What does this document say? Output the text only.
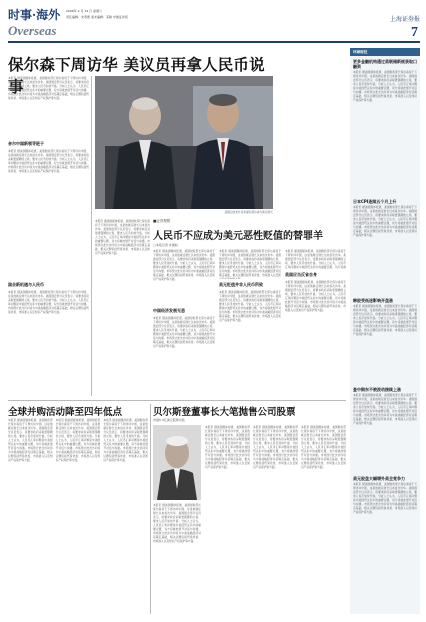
时事·海外
Overseas
2006年 2 月 19 日 星期六
责任编辑：朱寿德 美术编辑：邓敏 中国证券报	上海证券报
7
保尔森下周访华 美议员再拿人民币说事
本报讯 据美国媒体报道，美国财政部长保尔森将于下周访问中国，这是他就任财长以来首次访华。美国国会部分议员表示，将要求政府采取更强硬的立场，要求人民币加快升值。分析人士认为，人民币汇率问题是中美经贸关系中的重要议题，双方将就此展开对话与沟通。市场预计此次访问将为中美战略经济对话奠定基础，相关议题包括贸易逆差、市场准入以及知识产权保护等方面。
舍尔中国新领导班子
本报讯 据美国媒体报道，美国财政部长保尔森将于下周访问中国，这是他就任财长以来首次访华。美国国会部分议员表示，将要求政府采取更强硬的立场，要求人民币加快升值。分析人士认为，人民币汇率问题是中美经贸关系中的重要议题，双方将就此展开对话与沟通。市场预计此次访问将为中美战略经济对话奠定基础，相关议题包括贸易逆差、市场准入以及知识产权保护等方面。
国会新机遇与人民币
本报讯 据美国媒体报道，美国财政部长保尔森将于下周访问中国，这是他就任财长以来首次访华。美国国会部分议员表示，将要求政府采取更强硬的立场，要求人民币加快升值。分析人士认为，人民币汇率问题是中美经贸关系中的重要议题，双方将就此展开对话与沟通。市场预计此次访问将为中美战略经济对话奠定基础，相关议题包括贸易逆差、市场准入以及知识产权保护等方面。
美国总统布什宣布提名保尔森为新任财长
本报讯 据美国媒体报道，美国财政部长保尔森将于下周访问中国，这是他就任财长以来首次访华。美国国会部分议员表示，将要求政府采取更强硬的立场，要求人民币加快升值。分析人士认为，人民币汇率问题是中美经贸关系中的重要议题，双方将就此展开对话与沟通。市场预计此次访问将为中美战略经济对话奠定基础，相关议题包括贸易逆差、市场准入以及知识产权保护等方面。
■证券观察
人民币不应成为美元恶性贬值的替罪羊
□本报记者 朱国权
本报讯 据美国媒体报道，美国财政部长保尔森将于下周访问中国，这是他就任财长以来首次访华。美国国会部分议员表示，将要求政府采取更强硬的立场，要求人民币加快升值。分析人士认为，人民币汇率问题是中美经贸关系中的重要议题，双方将就此展开对话与沟通。市场预计此次访问将为中美战略经济对话奠定基础，相关议题包括贸易逆差、市场准入以及知识产权保护等方面。
中国经济发展无恙
本报讯 据美国媒体报道，美国财政部长保尔森将于下周访问中国，这是他就任财长以来首次访华。美国国会部分议员表示，将要求政府采取更强硬的立场，要求人民币加快升值。分析人士认为，人民币汇率问题是中美经贸关系中的重要议题，双方将就此展开对话与沟通。市场预计此次访问将为中美战略经济对话奠定基础，相关议题包括贸易逆差、市场准入以及知识产权保护等方面。
本报讯 据美国媒体报道，美国财政部长保尔森将于下周访问中国，这是他就任财长以来首次访华。美国国会部分议员表示，将要求政府采取更强硬的立场，要求人民币加快升值。分析人士认为，人民币汇率问题是中美经贸关系中的重要议题，双方将就此展开对话与沟通。市场预计此次访问将为中美战略经济对话奠定基础，相关议题包括贸易逆差、市场准入以及知
美元贬值并非人民币所致
本报讯 据美国媒体报道，美国财政部长保尔森将于下周访问中国，这是他就任财长以来首次访华。美国国会部分议员表示，将要求政府采取更强硬的立场，要求人民币加快升值。分析人士认为，人民币汇率问题是中美经贸关系中的重要议题，双方将就此展开对话与沟通。市场预计此次访问将为中美战略经济对话奠定基础，相关议题包括贸易逆差、市场准入以及知识产权保护等方面。
本报讯 据美国媒体报道，美国财政部长保尔森将于下周访问中国，这是他就任财长以来首次访华。美国国会部分议员表示，将要求政府采取更强硬的立场，要求人民币加快升值。分析人士认为，人民币汇率问题是中美经贸关系中的重要议题，双方将就
美国应当反省自身
本报讯 据美国媒体报道，美国财政部长保尔森将于下周访问中国，这是他就任财长以来首次访华。美国国会部分议员表示，将要求政府采取更强硬的立场，要求人民币加快升值。分析人士认为，人民币汇率问题是中美经贸关系中的重要议题，双方将就此展开对话与沟通。市场预计此次访问将为中美战略经济对话奠定基础，相关议题包括贸易逆差、市场准入以及知识产权保护等方面。
环球财经
更多金融机构通过美联储新规获取口融资
本报讯 据美国媒体报道，美国财政部长保尔森将于下周访问中国，这是他就任财长以来首次访华。美国国会部分议员表示，将要求政府采取更强硬的立场，要求人民币加快升值。分析人士认为，人民币汇率问题是中美经贸关系中的重要议题，双方将就此展开对话与沟通。市场预计此次访问将为中美战略经济对话奠定基础，相关议题包括贸易逆差、市场准入以及知识产权保护等方面。
日本CPI连续五个月上升
本报讯 据美国媒体报道，美国财政部长保尔森将于下周访问中国，这是他就任财长以来首次访华。美国国会部分议员表示，将要求政府采取更强硬的立场，要求人民币加快升值。分析人士认为，人民币汇率问题是中美经贸关系中的重要议题，双方将就此展开对话与沟通。市场预计此次访问将为中美战略经济对话奠定基础，相关议题包括贸易逆差、市场准入以及知识产权保护等方面。
韩股受低迷影响开盘涨
本报讯 据美国媒体报道，美国财政部长保尔森将于下周访问中国，这是他就任财长以来首次访华。美国国会部分议员表示，将要求政府采取更强硬的立场，要求人民币加快升值。分析人士认为，人民币汇率问题是中美经贸关系中的重要议题，双方将就此展开对话与沟通。市场预计此次访问将为中美战略经济对话奠定基础，相关议题包括贸易逆差、市场准入以及知识产权保护等方面。
查中期东不被波动接续上涨
本报讯 据美国媒体报道，美国财政部长保尔森将于下周访问中国，这是他就任财长以来首次访华。美国国会部分议员表示，将要求政府采取更强硬的立场，要求人民币加快升值。分析人士认为，人民币汇率问题是中美经贸关系中的重要议题，双方将就此展开对话与沟通。市场预计此次访问将为中美战略经济对话奠定基础，相关议题包括贸易逆差、市场准入以及知识产权保护等方面。
美元股盘大幅增外美全竞争力
本报讯 据美国媒体报道，美国财政部长保尔森将于下周访问中国，这是他就任财长以来首次访华。美国国会部分议员表示，将要求政府采取更强硬的立场，要求人民币加快升值。分析人士认为，人民币汇率问题是中美经贸关系中的重要议题，双方将就此展开对话与沟通。市场预计此次访问将为中美战略经济对话奠定基础，相关议题包括贸易逆差、市场准入以及知识产权保护等方面。
全球并购活动降至四年低点
本报讯 据美国媒体报道，美国财政部长保尔森将于下周访问中国，这是他就任财长以来首次访华。美国国会部分议员表示，将要求政府采取更强硬的立场，要求人民币加快升值。分析人士认为，人民币汇率问题是中美经贸关系中的重要议题，双方将就此展开对话与沟通。市场预计此次访问将为中美战略经济对话奠定基础，相关议题包括贸易逆差、市场准入以及知识产权保护等方面。
本报讯 据美国媒体报道，美国财政部长保尔森将于下周访问中国，这是他就任财长以来首次访华。美国国会部分议员表示，将要求政府采取更强硬的立场，要求人民币加快升值。分析人士认为，人民币汇率问题是中美经贸关系中的重要议题，双方将就此展开对话与沟通。市场预计此次访问将为中美战略经济对话奠定基础，相关议题包括贸易逆差、市场准入以及知识产权保护等方面。
本报讯 据美国媒体报道，美国财政部长保尔森将于下周访问中国，这是他就任财长以来首次访华。美国国会部分议员表示，将要求政府采取更强硬的立场，要求人民币加快升值。分析人士认为，人民币汇率问题是中美经贸关系中的重要议题，双方将就此展开对话与沟通。市场预计此次访问将为中美战略经济对话奠定基础，相关议题包括贸易逆差、市场准入以及知识产权保护等方面。
贝尔斯登董事长大笔抛售公司股票
市值5.3亿美元股票出售
本报讯 据美国媒体报道，美国财政部长保尔森将于下周访问中国，这是他就任财长以来首次访华。美国国会部分议员表示，将要求政府采取更强硬的立场，要求人民币加快升值。分析人士认为，人民币汇率问题是中美经贸关系中的重要议题，双方将就此展开对话与沟通。市场预计此次访问将为中美战略经济对话奠定基础，相关议题包括贸易逆差、市场准入以及知识产权保护等方面。
本报讯 据美国媒体报道，美国财政部长保尔森将于下周访问中国，这是他就任财长以来首次访华。美国国会部分议员表示，将要求政府采取更强硬的立场，要求人民币加快升值。分析人士认为，人民币汇率问题是中美经贸关系中的重要议题，双方将就此展开对话与沟通。市场预计此次访问将为中美战略经济对话奠定基础，相关议题包括贸易逆差、市场准入以及知识产权保护等方面。
本报讯 据美国媒体报道，美国财政部长保尔森将于下周访问中国，这是他就任财长以来首次访华。美国国会部分议员表示，将要求政府采取更强硬的立场，要求人民币加快升值。分析人士认为，人民币汇率问题是中美经贸关系中的重要议题，双方将就此展开对话与沟通。市场预计此次访问将为中美战略经济对话奠定基础，相关议题包括贸易逆差、市场准入以及知识产权保护等方面。
本报讯 据美国媒体报道，美国财政部长保尔森将于下周访问中国，这是他就任财长以来首次访华。美国国会部分议员表示，将要求政府采取更强硬的立场，要求人民币加快升值。分析人士认为，人民币汇率问题是中美经贸关系中的重要议题，双方将就此展开对话与沟通。市场预计此次访问将为中美战略经济对话奠定基础，相关议题包括贸易逆差、市场准入以及知识产权保护等方面。
